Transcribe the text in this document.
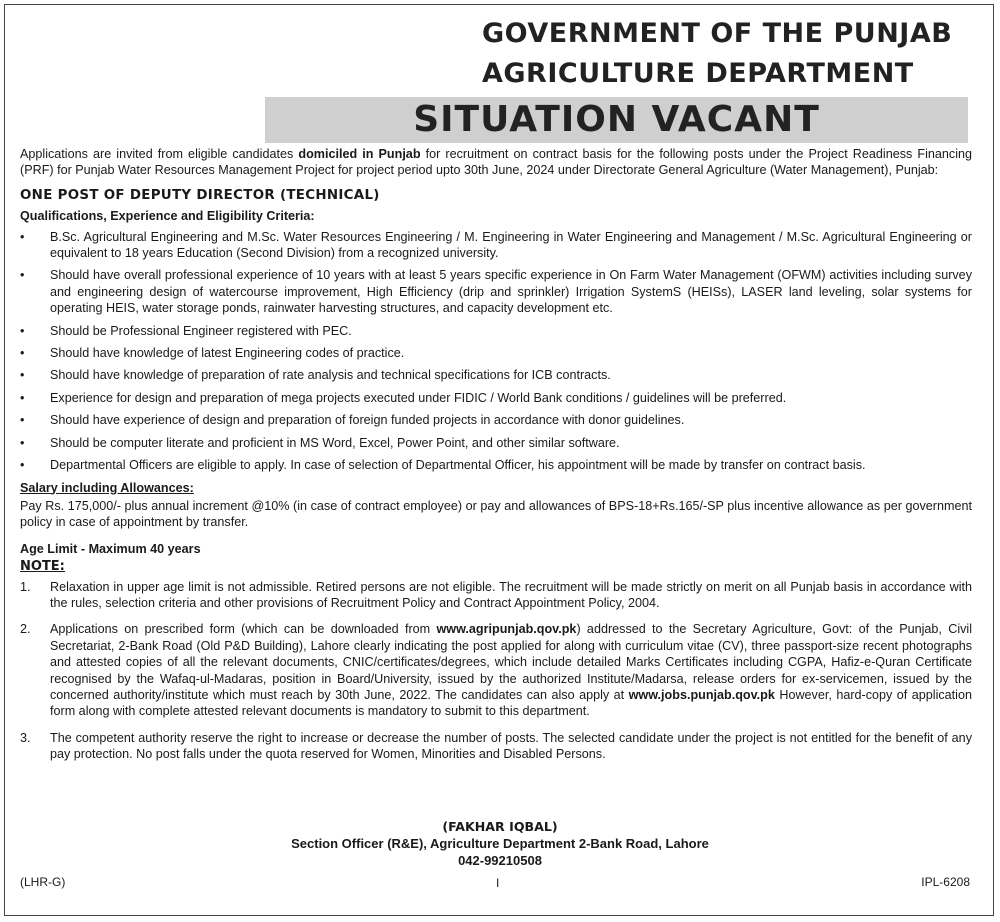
GOVERNMENT OF THE PUNJAB
AGRICULTURE DEPARTMENT
SITUATION VACANT

Applications are invited from eligible candidates domiciled in Punjab for recruitment on contract basis for the following posts under the Project Readiness Financing (PRF) for Punjab Water Resources Management Project for project period upto 30th June, 2024 under Directorate General Agriculture (Water Management), Punjab:

ONE POST OF DEPUTY DIRECTOR (TECHNICAL)

Qualifications, Experience and Eligibility Criteria:

• B.Sc. Agricultural Engineering and M.Sc. Water Resources Engineering / M. Engineering in Water Engineering and Management / M.Sc. Agricultural Engineering or equivalent to 18 years Education (Second Division) from a recognized university.
• Should have overall professional experience of 10 years with at least 5 years specific experience in On Farm Water Management (OFWM) activities including survey and engineering design of watercourse improvement, High Efficiency (drip and sprinkler) Irrigation SystemS (HEISs), LASER land leveling, solar systems for operating HEIS, water storage ponds, rainwater harvesting structures, and capacity development etc.
• Should be Professional Engineer registered with PEC.
• Should have knowledge of latest Engineering codes of practice.
• Should have knowledge of preparation of rate analysis and technical specifications for ICB contracts.
• Experience for design and preparation of mega projects executed under FIDIC / World Bank conditions / guidelines will be preferred.
• Should have experience of design and preparation of foreign funded projects in accordance with donor guidelines.
• Should be computer literate and proficient in MS Word, Excel, Power Point, and other similar software.
• Departmental Officers are eligible to apply. In case of selection of Departmental Officer, his appointment will be made by transfer on contract basis.

Salary including Allowances:

Pay Rs. 175,000/- plus annual increment @10% (in case of contract employee) or pay and allowances of BPS-18+Rs.165/-SP plus incentive allowance as per government policy in case of appointment by transfer.

Age Limit - Maximum 40 years

NOTE:

1. Relaxation in upper age limit is not admissible. Retired persons are not eligible. The recruitment will be made strictly on merit on all Punjab basis in accordance with the rules, selection criteria and other provisions of Recruitment Policy and Contract Appointment Policy, 2004.
2. Applications on prescribed form (which can be downloaded from www.agripunjab.qov.pk) addressed to the Secretary Agriculture, Govt: of the Punjab, Civil Secretariat, 2-Bank Road (Old P&D Building), Lahore clearly indicating the post applied for along with curriculum vitae (CV), three passport-size recent photographs and attested copies of all the relevant documents, CNIC/certificates/degrees, which include detailed Marks Certificates including CGPA, Hafiz-e-Quran Certificate recognised by the Wafaq-ul-Madaras, position in Board/University, issued by the authorized Institute/Madarsa, release orders for ex-servicemen, issued by the concerned authority/institute which must reach by 30th June, 2022. The candidates can also apply at www.jobs.punjab.qov.pk However, hard-copy of application form along with complete attested relevant documents is mandatory to submit to this department.
3. The competent authority reserve the right to increase or decrease the number of posts. The selected candidate under the project is not entitled for the benefit of any pay protection. No post falls under the quota reserved for Women, Minorities and Disabled Persons.
(FAKHAR IQBAL)
Section Officer (R&E), Agriculture Department 2-Bank Road, Lahore
042-99210508
(LHR-G)	I	IPL-6208
